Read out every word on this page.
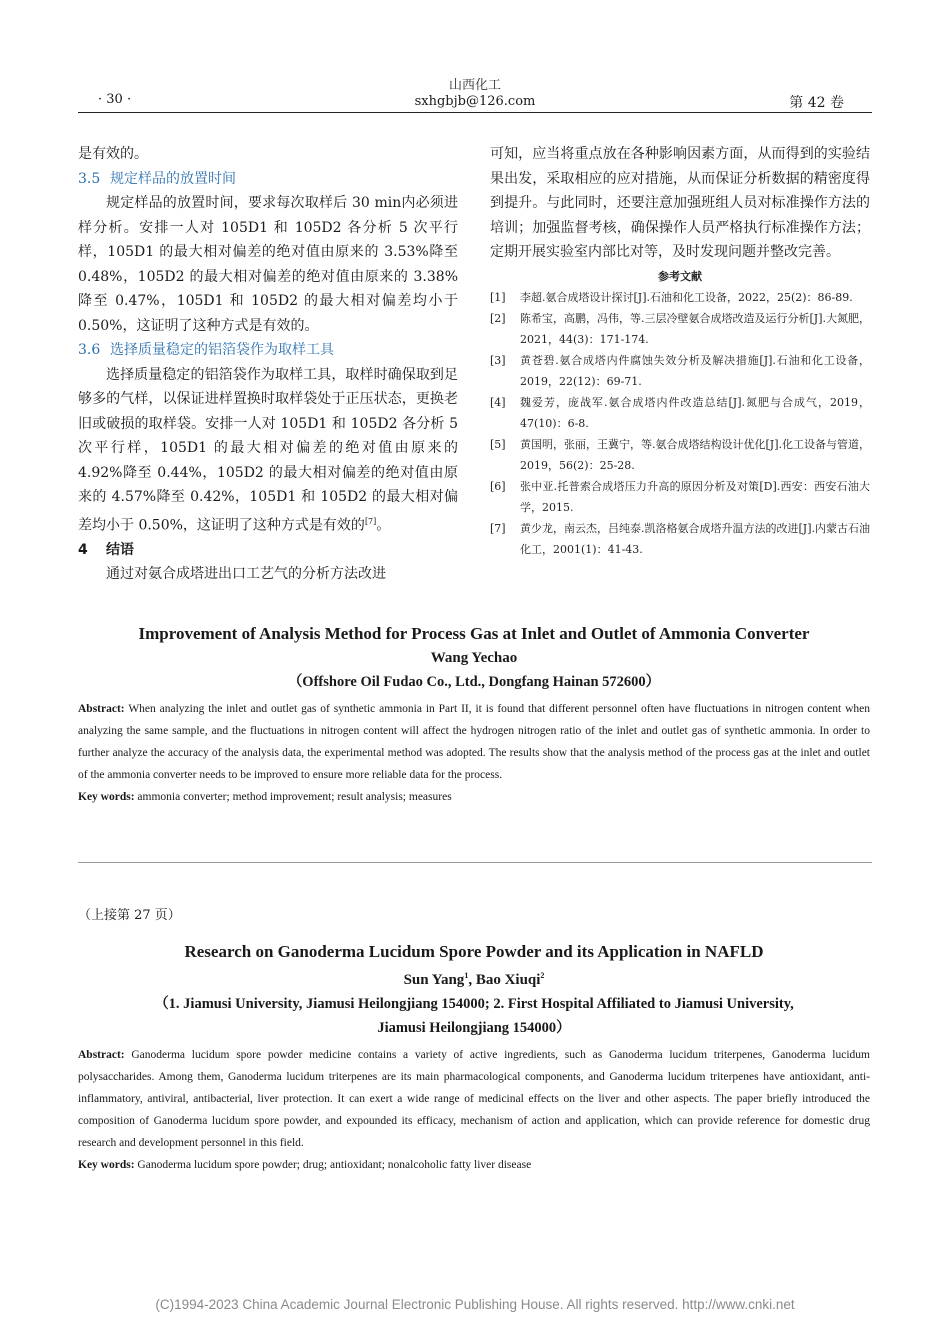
· 30 ·
山西化工
sxhgbjb@126.com	第 42 卷

是有效的。

3.5 规定样品的放置时间

规定样品的放置时间，要求每次取样后 30 min内必须进样分析。安排一人对 105D1 和 105D2 各分析 5 次平行样，105D1 的最大相对偏差的绝对值由原来的 3.53%降至 0.48%，105D2 的最大相对偏差的绝对值由原来的 3.38%降至 0.47%，105D1 和 105D2 的最大相对偏差均小于 0.50%，这证明了这种方式是有效的。

3.6 选择质量稳定的铝箔袋作为取样工具

选择质量稳定的铝箔袋作为取样工具，取样时确保取到足够多的气样，以保证进样置换时取样袋处于正压状态，更换老旧或破损的取样袋。安排一人对 105D1 和 105D2 各分析 5 次平行样，105D1 的最大相对偏差的绝对值由原来的 4.92%降至 0.44%，105D2 的最大相对偏差的绝对值由原来的 4.57%降至 0.42%，105D1 和 105D2 的最大相对偏差均小于 0.50%，这证明了这种方式是有效的[7]。

4 结语

通过对氨合成塔进出口工艺气的分析方法改进

可知，应当将重点放在各种影响因素方面，从而得到的实验结果出发，采取相应的应对措施，从而保证分析数据的精密度得到提升。与此同时，还要注意加强班组人员对标准操作方法的培训；加强监督考核，确保操作人员严格执行标准操作方法；定期开展实验室内部比对等，及时发现问题并整改完善。

参考文献
[1]	李超.氨合成塔设计探讨[J].石油和化工设备，2022，25(2)：86-89.
[2]	陈希宝，高鹏，冯伟，等.三层冷壁氨合成塔改造及运行分析[J].大氮肥，2021，44(3)：171-174.
[3]	黄苍碧.氨合成塔内件腐蚀失效分析及解决措施[J].石油和化工设备，2019，22(12)：69-71.
[4]	魏爱芳，庞战军.氨合成塔内件改造总结[J].氮肥与合成气，2019，47(10)：6-8.
[5]	黄国明，张丽，王冀宁，等.氨合成塔结构设计优化[J].化工设备与管道，2019，56(2)：25-28.
[6]	张中亚.托普索合成塔压力升高的原因分析及对策[D].西安：西安石油大学，2015.
[7]	黄少龙，南云杰，吕纯泰.凯洛格氨合成塔升温方法的改进[J].内蒙古石油化工，2001(1)：41-43.
Improvement of Analysis Method for Process Gas at Inlet and Outlet of Ammonia Converter
Wang Yechao
（Offshore Oil Fudao Co., Ltd., Dongfang Hainan 572600）
Abstract: When analyzing the inlet and outlet gas of synthetic ammonia in Part II, it is found that different personnel often have fluctuations in nitrogen content when analyzing the same sample, and the fluctuations in nitrogen content will affect the hydrogen nitrogen ratio of the inlet and outlet gas of synthetic ammonia. In order to further analyze the accuracy of the analysis data, the experimental method was adopted. The results show that the analysis method of the process gas at the inlet and outlet of the ammonia converter needs to be improved to ensure more reliable data for the process.
Key words: ammonia converter; method improvement; result analysis; measures
（上接第 27 页）
Research on Ganoderma Lucidum Spore Powder and its Application in NAFLD
Sun Yang$^1$, Bao Xiuqi$^2$
（1. Jiamusi University, Jiamusi Heilongjiang 154000; 2. First Hospital Affiliated to Jiamusi University,
Jiamusi Heilongjiang 154000）
Abstract: Ganoderma lucidum spore powder medicine contains a variety of active ingredients, such as Ganoderma lucidum triterpenes, Ganoderma lucidum polysaccharides. Among them, Ganoderma lucidum triterpenes are its main pharmacological components, and Ganoderma lucidum triterpenes have antioxidant, anti-inflammatory, antiviral, antibacterial, liver protection. It can exert a wide range of medicinal effects on the liver and other aspects. The paper briefly introduced the composition of Ganoderma lucidum spore powder, and expounded its efficacy, mechanism of action and application, which can provide reference for domestic drug research and development personnel in this field.
Key words: Ganoderma lucidum spore powder; drug; antioxidant; nonalcoholic fatty liver disease
(C)1994-2023 China Academic Journal Electronic Publishing House. All rights reserved. http://www.cnki.net
